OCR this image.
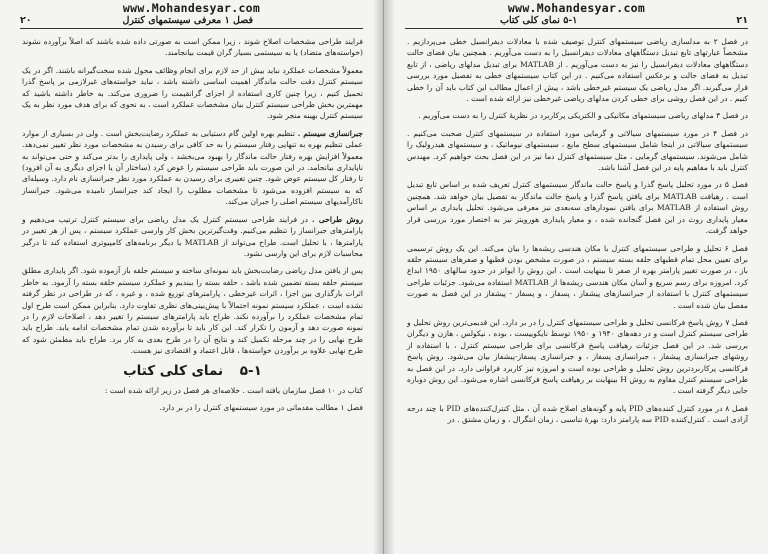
www.Mohandesyar.com
۲۰	فصل ۱ معرفی سیستمهای کنترل

فرایند طراحی مشخصات اصلاح شوند ، زیرا ممکن است به صورتی داده شده باشند که اصلاً برآورده نشوند (خواسته‌های متضاد) یا به سیستمی بسیار گران قیمت بیانجامند.

معمولاً مشخصات عملکرد نباید بیش از حد لازم برای انجام وظائف محول شده سخت‌گیرانه باشند. اگر در یک سیستم کنترل دقت حالت ماندگار اهمیت اساسی داشته باشد ، نباید خواسته‌های غیرلازمی بر پاسخ گذرا تحمیل کنیم ، زیرا چنین کاری استفاده از اجزای گرانقیمت را ضروری می‌کند. به خاطر داشته باشید که مهمترین بخش طراحی سیستم کنترل بیان مشخصات عملکرد است ، به نحوی که برای هدف مورد نظر به یک سیستم کنترل بهینه منجر شود.

جبرانسازی سیستم . تنظیم بهره اولین گام دستیابی به عملکرد رضایت‌بخش است . ولی در بسیاری از موارد عملی تنظیم بهره به تنهایی رفتار سیستم را به حد کافی برای رسیدن به مشخصات مورد نظر تغییر نمی‌دهد. معمولاً افزایش بهره رفتار حالت ماندگار را بهبود می‌بخشد ، ولی پایداری را بدتر می‌کند و حتی می‌تواند به ناپایداری بیانجامد. در این صورت باید طراحی سیستم را عوض کرد (ساختار آن یا اجزای دیگری به آن افزود) تا رفتار کل سیستم عوض شود. چنین تغییری برای رسیدن به عملکرد مورد نظر جبرانسازی نام دارد. وسیله‌ای که به سیستم افزوده می‌شود تا مشخصات مطلوب را ایجاد کند جبرانساز نامیده می‌شود. جبرانساز ناکارآمدیهای سیستم اصلی را جبران می‌کند.

روش طراحی . در فرایند طراحی سیستم کنترل یک مدل ریاضی برای سیستم کنترل ترتیب می‌دهیم و پارامترهای جبرانساز را تنظیم می‌کنیم. وقت‌گیرترین بخش کار وارسی عملکرد سیستم ، پس از هر تغییر در پارامترها ، با تحلیل است. طراح می‌تواند از MATLAB یا دیگر برنامه‌های کامپیوتری استفاده کند تا درگیر محاسبات لازم برای این وارسی نشود.

پس از یافتن مدل ریاضی رضایت‌بخش باید نمونه‌ای ساخته و سیستم حلقه باز آزموده شود. اگر پایداری مطلق سیستم حلقه بسته تضمین شده باشد ، حلقه بسته را ببندیم و عملکرد سیستم حلقه بسته را آزمود. به خاطر اثرات بارگذاری بین اجزا ، اثرات غیرخطی ، پارامترهای توزیع شده ، و غیره ، که در طراحی در نظر گرفته نشده است ، عملکرد سیستم نمونه احتمالاً با پیش‌بینی‌های نظری تفاوت دارد. بنابراین ممکن است طرح اول تمام مشخصات عملکرد را برآورده نکند. طراح باید پارامترهای سیستم را تغییر دهد ، اصلاحات لازم را در نمونه صورت دهد و آزمون را تکرار کند. این کار باید تا برآورده شدن تمام مشخصات ادامه یابد. طراح باید طرح نهایی را در چند مرحله تکمیل کند و نتایج آن را در طرح بعدی به کار برد. طراح باید مطمئن شود که طرح نهایی علاوه بر برآوردن خواسته‌ها ، قابل اعتماد و اقتصادی نیز هست.

۵-۱ نمای کلی کتاب

کتاب در ۱۰ فصل سازمان یافته است . خلاصه‌ای هر فصل در زیر ارائه شده است :

فصل ۱ مطالب مقدماتی در مورد سیستمهای کنترل را در بر دارد.

www.Mohandesyar.com
۲۱
۵-۱ نمای کلی کتاب

در فصل ۲ به مدلسازی ریاضی سیستمهای کنترل توصیف شده با معادلات دیفرانسیل خطی می‌پردازیم . مشخصاً عبارتهای تابع تبدیل دستگاههای معادلات دیفرانسیل را به دست می‌آوریم . همچنین بیان فضای حالت دستگاههای معادلات دیفرانسیل را نیز به دست می‌آوریم . از MATLAB برای تبدیل مدلهای ریاضی ، از تابع تبدیل به فضای حالت و برعکس استفاده می‌کنیم . در این کتاب سیستمهای خطی به تفصیل مورد بررسی قرار می‌گیرند. اگر مدل ریاضی یک سیستم غیرخطی باشد ، پیش از اعمال مطالب این کتاب باید آن را خطی کنیم . در این فصل روشی برای خطی کردن مدلهای ریاضی غیرخطی نیز ارائه شده است .

در فصل ۳ مدلهای ریاضی سیستمهای مکانیکی و الکتریکی پرکاربرد در نظریهٔ کنترل را به دست می‌آوریم .

در فصل ۴ در مورد سیستمهای سیالاتی و گرمایی مورد استفاده در سیستمهای کنترل صحبت می‌کنیم . سیستمهای سیالاتی در اینجا شامل سیستمهای سطح مایع ، سیستمهای نیوماتیک ، و سیستمهای هیدرولیک را شامل می‌شوند. سیستمهای گرمایی ، مثل سیستمهای کنترل دما نیز در این فصل بحث خواهیم کرد. مهندس کنترل باید با مفاهیم پایه در این فصل آشنا باشد.

فصل ۵ در مورد تحلیل پاسخ گذرا و پاسخ حالت ماندگار سیستمهای کنترل تعریف شده بر اساس تابع تبدیل است . رهیافت MATLAB برای یافتن پاسخ گذرا و پاسخ حالت ماندگار به تفصیل بیان خواهد شد. همچنین روش استفاده از MATLAB برای یافتن نمودارهای سه‌بعدی نیز معرفی می‌شود. تحلیل پایداری بر اساس معیار پایداری روث در این فصل گنجانده شده ، و معیار پایداری هورویتز نیز به اختصار مورد بررسی قرار خواهد گرفت.

فصل ۶ تحلیل و طراحی سیستمهای کنترل با مکان هندسی ریشه‌ها را بیان می‌کند. این یک روش ترسیمی برای تعیین محل تمام قطبهای حلقه بسته سیستم ، در صورت مشخص بودن قطبها و صفرهای سیستم حلقه باز ، در صورت تغییر پارامتر بهره از صفر تا بینهایت است . این روش را ایوانز در حدود سالهای ۱۹۵۰ ابداع کرد. امروزه برای رسم سریع و آسان مکان هندسی ریشه‌ها از MATLAB استفاده می‌شود. جزئیات طراحی سیستمهای کنترل با استفاده از جبرانسازهای پیشفاز ، پسفاز ، و پسفاز - پیشفاز در این فصل به صورت مفصل بیان شده است .

فصل ۷ روش پاسخ فرکانسی تحلیل و طراحی سیستمهای کنترل را در بر دارد. این قدیمی‌ترین روش تحلیل و طراحی سیستم کنترل است و در دهه‌های ۱۹۴۰ و ۱۹۵۰ توسط نایکوییست ، بوده ، نیکولس ، هازن و دیگران بررسی شد. در این فصل جزئیات رهیافت پاسخ فرکانسی برای طراحی سیستم کنترل ، با استفاده از روشهای جبرانسازی پیشفاز ، جبرانسازی پسفاز ، و جبرانسازی پسفاز-پیشفاز بیان می‌شود. روش پاسخ فرکانسی پرکاربردترین روش تحلیل و طراحی بوده است و امروزه نیز کاربرد فراوانی دارد. در این فصل به طراحی سیستم کنترل مقاوم به روش H بینهایت بر رهیافت پاسخ فرکانسی اشاره می‌شود. این روش دوباره جایی دیگر گرفته است .

فصل ۸ در مورد کنترل کننده‌های PID پایه و گونه‌های اصلاح شده آن ، مثل کنترل‌کننده‌های PID با چند درجه آزادی است . کنترل‌کننده PID سه پارامتر دارد: بهرهٔ تناسبی ، زمان انتگرال ، و زمان مشتق . در
